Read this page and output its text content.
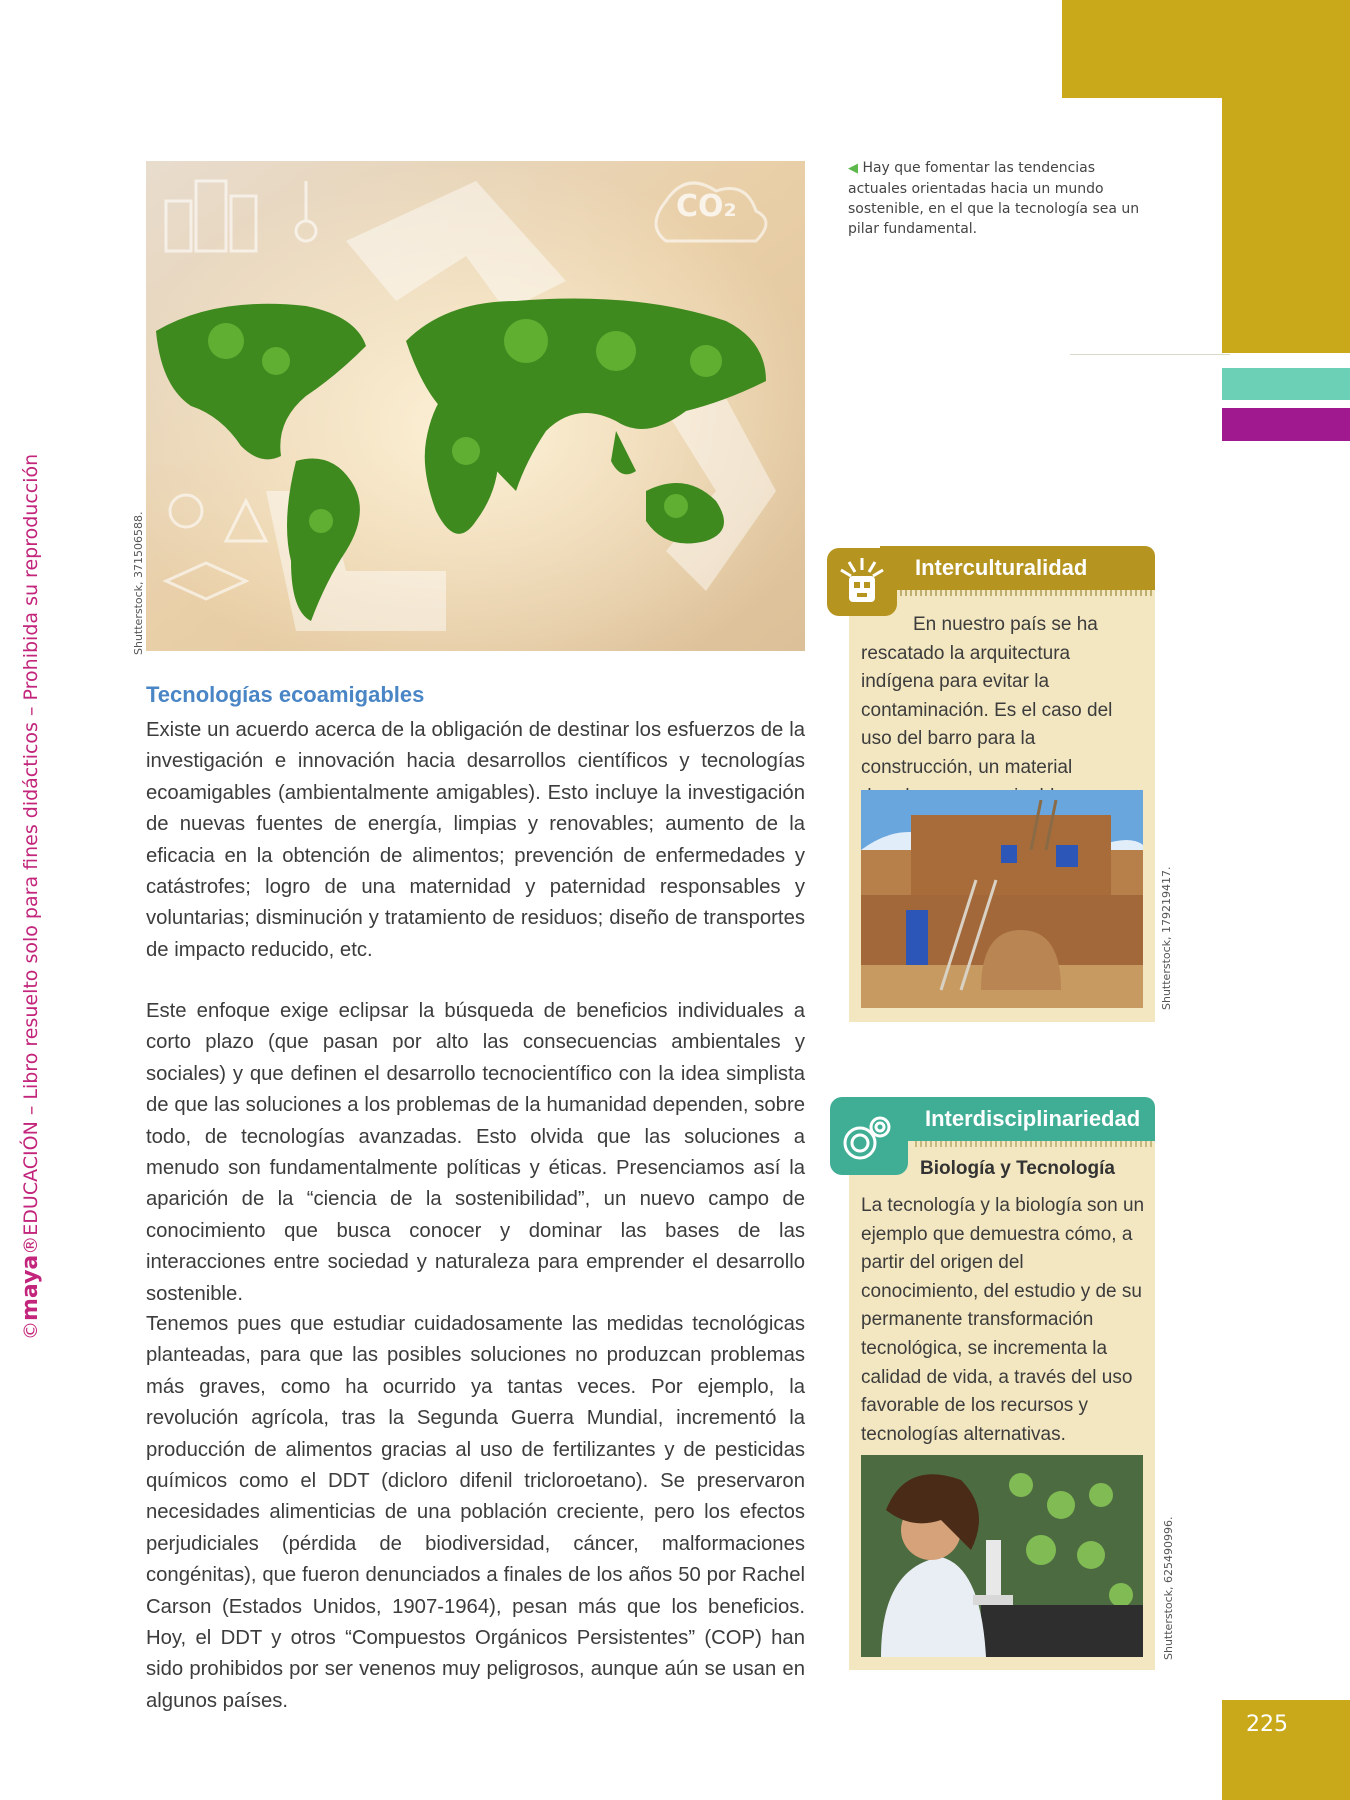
©maya®EDUCACIÓN – Libro resuelto solo para fines didácticos – Prohibida su reproducción
CO₂
Shutterstock, 371506588.
◀ Hay que fomentar las tendencias actuales orientadas hacia un mundo sostenible, en el que la tecnología sea un pilar fundamental.
Tecnologías ecoamigables

Existe un acuerdo acerca de la obligación de destinar los esfuerzos de la investigación e innovación hacia desarrollos científicos y tecnologías ecoamigables (ambientalmente amigables). Esto incluye la investigación de nuevas fuentes de energía, limpias y renovables; aumento de la eficacia en la obtención de alimentos; prevención de enfermedades y catástrofes; logro de una maternidad y paternidad responsables y voluntarias; disminución y tratamiento de residuos; diseño de transportes de impacto reducido, etc.

Este enfoque exige eclipsar la búsqueda de beneficios individuales a corto plazo (que pasan por alto las consecuencias ambientales y sociales) y que definen el desarrollo tecnocientífico con la idea simplista de que las soluciones a los problemas de la humanidad dependen, sobre todo, de tecnologías avanzadas. Esto olvida que las soluciones a menudo son fundamentalmente políticas y éticas. Presenciamos así la aparición de la “ciencia de la sostenibilidad”, un nuevo campo de conocimiento que busca conocer y dominar las bases de las interacciones entre sociedad y naturaleza para emprender el desarrollo sostenible.

Tenemos pues que estudiar cuidadosamente las medidas tecnológicas planteadas, para que las posibles soluciones no produzcan problemas más graves, como ha ocurrido ya tantas veces. Por ejemplo, la revolución agrícola, tras la Segunda Guerra Mundial, incrementó la producción de alimentos gracias al uso de fertilizantes y de pesticidas químicos como el DDT (dicloro difenil tricloroetano). Se preservaron necesidades alimenticias de una población creciente, pero los efectos perjudiciales (pérdida de biodiversidad, cáncer, malformaciones congénitas), que fueron denunciados a finales de los años 50 por Rachel Carson (Estados Unidos, 1907-1964), pesan más que los beneficios. Hoy, el DDT y otros “Compuestos Orgánicos Persistentes” (COP) han sido prohibidos por ser venenos muy peligrosos, aunque aún se usan en algunos países.

Interculturalidad
En nuestro país se ha rescatado la arquitectura indígena para evitar la contaminación. Es el caso del uso del barro para la construcción, un material
Shutterstock, 179219417.
Interdisciplinariedad
Biología y Tecnología
La tecnología y la biología son un ejemplo que demuestra cómo, a partir del origen del conocimiento, del estudio y de su permanente transformación tecnológica, se incrementa la calidad de vida, a través del uso favorable de los recursos y tecnologías alternativas.
Shutterstock, 625490996.
225
